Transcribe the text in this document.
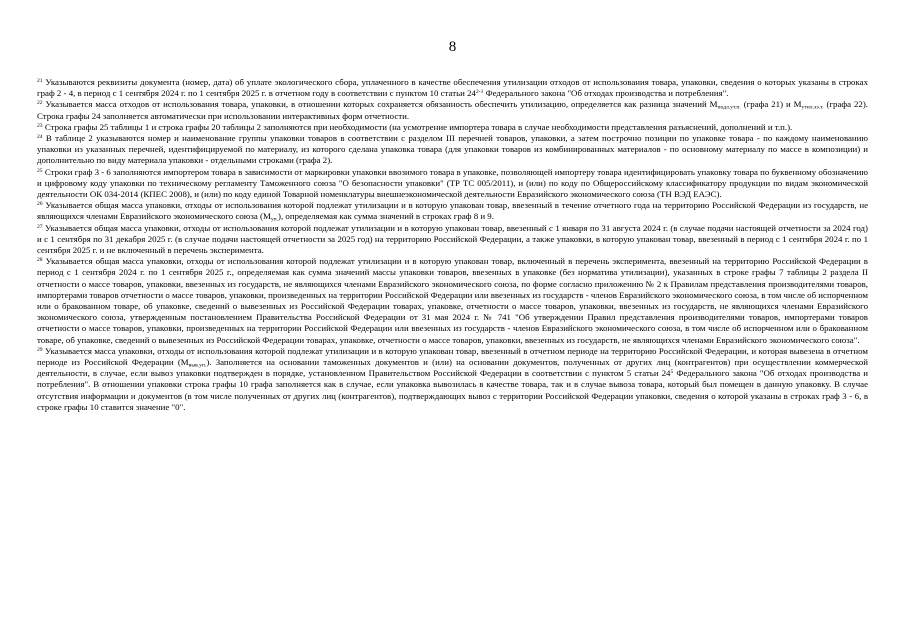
8

$^{21}$ Указываются реквизиты документа (номер, дата) об уплате экологического сбора, уплаченного в качестве обеспечения утилизации отходов от использования товара, упаковки, сведения о которых указаны в строках граф 2 - 4, в период с 1 сентября 2024 г. по 1 сентября 2025 г. в отчетном году в соответствии с пунктом 10 статьи 24$^{2-1}$ Федерального закона "Об отходах производства и потребления".

$^{22}$ Указывается масса отходов от использования товара, упаковки, в отношении которых сохраняется обязанность обеспечить утилизацию, определяется как разница значений $M_{подл.ут.п.}$ (графа 21) и $M_{утил.ээ.т.}$ (графа 22). Строка графы 24 заполняется автоматически при использовании интерактивных форм отчетности.

$^{23}$ Строка графы 25 таблицы 1 и строка графы 20 таблицы 2 заполняются при необходимости (на усмотрение импортера товара в случае необходимости представления разъяснений, дополнений и т.п.).

$^{24}$ В таблице 2 указываются номер и наименование группы упаковки товаров в соответствии с разделом III перечней товаров, упаковки, а затем построчно позиции по упаковке товара - по каждому наименованию упаковки из указанных перечней, идентифицируемой по материалу, из которого сделана упаковка товара (для упаковки товаров из комбинированных материалов - по основному материалу по массе в композиции) и дополнительно по виду материала упаковки - отдельными строками (графа 2).

$^{25}$ Строки граф 3 - 6 заполняются импортером товара в зависимости от маркировки упаковки ввозимого товара в упаковке, позволяющей импортеру товара идентифицировать упаковку товара по буквенному обозначению и цифровому коду упаковки по техническому регламенту Таможенного союза "О безопасности упаковки" (ТР ТС 005/2011), и (или) по коду по Общероссийскому классификатору продукции по видам экономической деятельности ОК 034-2014 (КПЕС 2008), и (или) по коду единой Товарной номенклатуры внешнеэкономической деятельности Евразийского экономического союза (ТН ВЭД ЕАЭС).

$^{26}$ Указывается общая масса упаковки, отходы от использования которой подлежат утилизации и в которую упакован товар, ввезенный в течение отчетного года на территорию Российской Федерации из государств, не являющихся членами Евразийского экономического союза $(M_{уп.})$, определяемая как сумма значений в строках граф 8 и 9.

$^{27}$ Указывается общая масса упаковки, отходы от использования которой подлежат утилизации и в которую упакован товар, ввезенный с 1 января по 31 августа 2024 г. (в случае подачи настоящей отчетности за 2024 год) и с 1 сентября по 31 декабря 2025 г. (в случае подачи настоящей отчетности за 2025 год) на территорию Российской Федерации, а также упаковки, в которую упакован товар, ввезенный в период с 1 сентября 2024 г. по 1 сентября 2025 г. и не включенный в перечень эксперимента.

$^{28}$ Указывается общая масса упаковки, отходы от использования которой подлежат утилизации и в которую упакован товар, включенный в перечень эксперимента, ввезенный на территорию Российской Федерации в период с 1 сентября 2024 г. по 1 сентября 2025 г., определяемая как сумма значений массы упаковки товаров, ввезенных в упаковке (без норматива утилизации), указанных в строке графы 7 таблицы 2 раздела II отчетности о массе товаров, упаковки, ввезенных из государств, не являющихся членами Евразийского экономического союза, по форме согласно приложению № 2 к Правилам представления производителями товаров, импортерами товаров отчетности о массе товаров, упаковки, произведенных на территории Российской Федерации или ввезенных из государств - членов Евразийского экономического союза, в том числе об испорченном или о бракованном товаре, об упаковке, сведений о вывезенных из Российской Федерации товарах, упаковке, отчетности о массе товаров, упаковки, ввезенных из государств, не являющихся членами Евразийского экономического союза, утвержденным постановлением Правительства Российской Федерации от 31 мая 2024 г. № 741 "Об утверждении Правил представления производителями товаров, импортерами товаров отчетности о массе товаров, упаковки, произведенных на территории Российской Федерации или ввезенных из государств - членов Евразийского экономического союза, в том числе об испорченном или о бракованном товаре, об упаковке, сведений о вывезенных из Российской Федерации товарах, упаковке, отчетности о массе товаров, упаковки, ввезенных из государств, не являющихся членами Евразийского экономического союза".

$^{29}$ Указывается масса упаковки, отходы от использования которой подлежат утилизации и в которую упакован товар, ввезенный в отчетном периоде на территорию Российской Федерации, и которая вывезена в отчетном периоде из Российской Федерации $(M_{выв.уп.})$. Заполняется на основании таможенных документов и (или) на основании документов, полученных от других лиц (контрагентов) при осуществлении коммерческой деятельности, в случае, если вывоз упаковки подтвержден в порядке, установленном Правительством Российской Федерации в соответствии с пунктом 5 статьи $24^5$ Федерального закона "Об отходах производства и потребления". В отношении упаковки строка графы 10 графа заполняется как в случае, если упаковка вывозилась в качестве товара, так и в случае вывоза товара, который был помещен в данную упаковку. В случае отсутствия информации и документов (в том числе полученных от других лиц (контрагентов), подтверждающих вывоз с территории Российской Федерации упаковки, сведения о которой указаны в строках граф 3 - 6, в строке графы 10 ставится значение "0".
